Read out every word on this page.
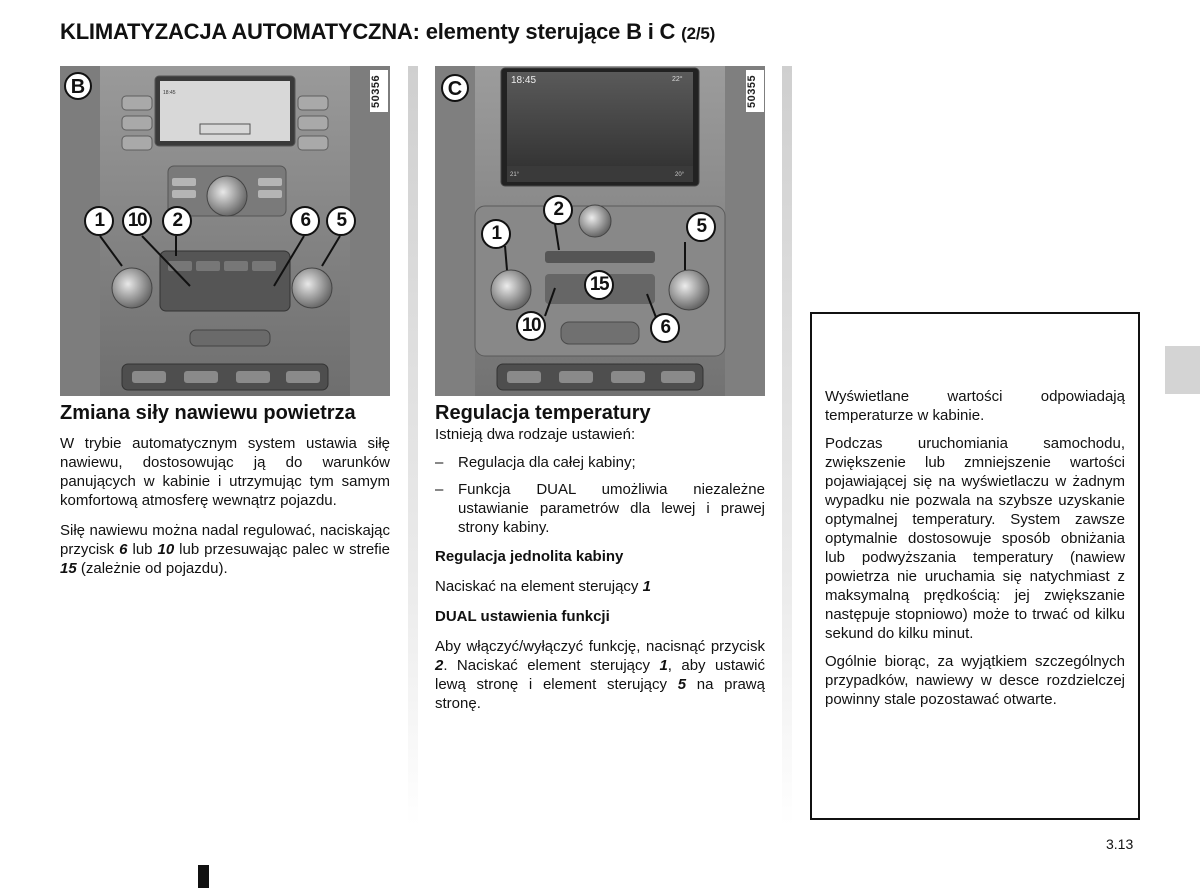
KLIMATYZACJA AUTOMATYCZNA: elementy sterujące B i C (2/5)
B	50356
18:45
1	10	2	6	5
C	50355
18:45	22°
21°	20°
1
2
5
15
10	6
Zmiana siły nawiewu powietrza

W trybie automatycznym system ustawia siłę nawiewu, dostosowując ją do warunków panujących w kabinie i utrzymując tym samym komfortową atmosferę wewnątrz pojazdu.

Siłę nawiewu można nadal regulować, naciskając przycisk 6 lub 10 lub przesuwając palec w strefie 15 (zależnie od pojazdu).

Regulacja temperatury

Istnieją dwa rodzaje ustawień:

– Regulacja dla całej kabiny;
– Funkcja DUAL umożliwia niezależne ustawianie parametrów dla lewej i prawej strony kabiny.

Regulacja jednolita kabiny

Naciskać na element sterujący 1

DUAL ustawienia funkcji

Aby włączyć/wyłączyć funkcję, nacisnąć przycisk 2. Naciskać element sterujący 1, aby ustawić lewą stronę i element sterujący 5 na prawą stronę.

Wyświetlane wartości odpowiadają temperaturze w kabinie.

Podczas uruchomiania samochodu, zwiększenie lub zmniejszenie wartości pojawiającej się na wyświetlaczu w żadnym wypadku nie pozwala na szybsze uzyskanie optymalnej temperatury. System zawsze optymalnie dostosowuje sposób obniżania lub podwyższania temperatury (nawiew powietrza nie uruchamia się natychmiast z maksymalną prędkością: jej zwiększanie następuje stopniowo) może to trwać od kilku sekund do kilku minut.

Ogólnie biorąc, za wyjątkiem szczególnych przypadków, nawiewy w desce rozdzielczej powinny stale pozostawać otwarte.

3.13
